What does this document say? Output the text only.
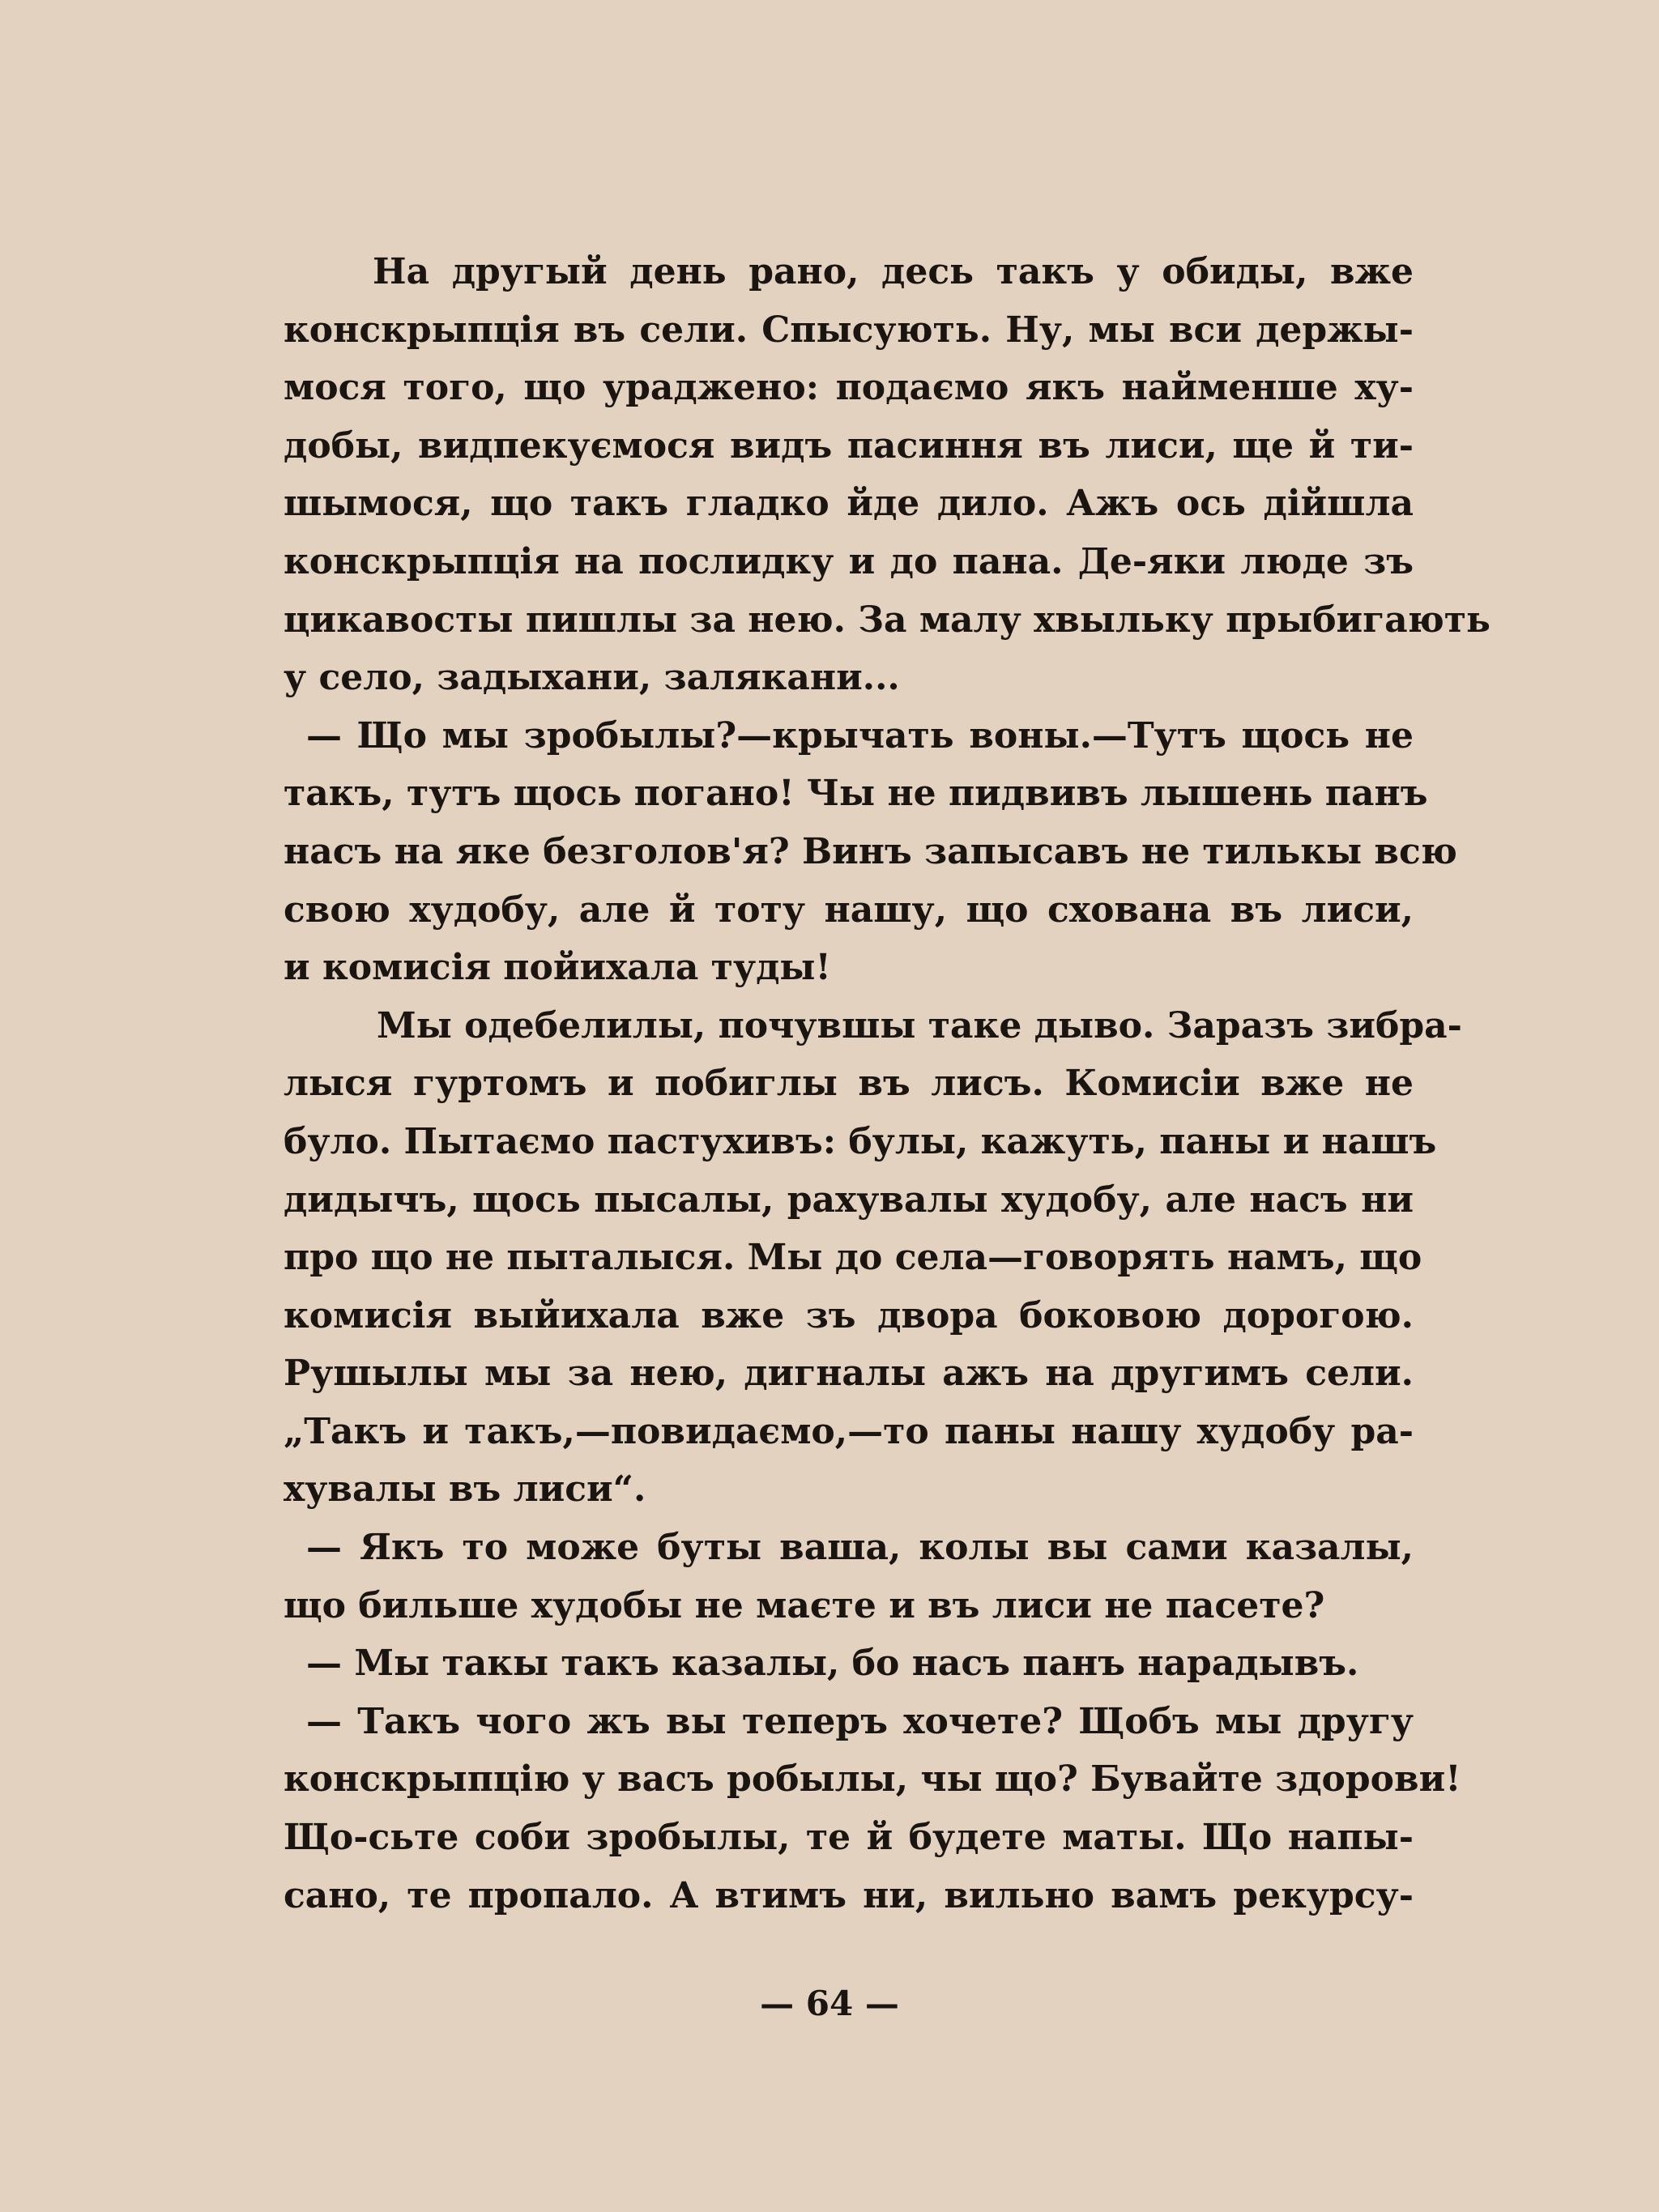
На другый день рано, десь такъ у обиды, вже
конскрыпція въ сели. Спысують. Ну, мы вси держы-
мося того, що ураджено: подаємо якъ найменше ху-
добы, видпекуємося видъ пасиння въ лиси, ще й ти-
шымося, що такъ гладко йде дило. Ажъ ось дійшла
конскрыпція на послидку и до пана. Де-яки люде зъ
цикавосты пишлы за нею. За малу хвыльку прыбигають
у село, задыхани, залякани...
— Що мы зробылы?—крычать воны.—Тутъ щось не
такъ, тутъ щось погано! Чы не пидвивъ лышень панъ
насъ на яке безголов'я? Винъ запысавъ не тилькы всю
свою худобу, але й тоту нашу, що схована въ лиси,
и комисія пойихала туды!
Мы одебелилы, почувшы таке дыво. Заразъ зибра-
лыся гуртомъ и побиглы въ лисъ. Комисіи вже не
було. Пытаємо пастухивъ: булы, кажуть, паны и нашъ
дидычъ, щось пысалы, рахувалы худобу, але насъ ни
про що не пыталыся. Мы до села—говорять намъ, що
комисія выйихала вже зъ двора боковою дорогою.
Рушылы мы за нею, дигналы ажъ на другимъ сели.
„Такъ и такъ,—повидаємо,—то паны нашу худобу ра-
хувалы въ лиси“.
— Якъ то може буты ваша, колы вы сами казалы,
що бильше худобы не маєте и въ лиси не пасете?
— Мы такы такъ казалы, бо насъ панъ нарадывъ.
— Такъ чого жъ вы теперъ хочете? Щобъ мы другу
конскрыпцію у васъ робылы, чы що? Бувайте здорови!
Що-сьте соби зробылы, те й будете маты. Що напы-
сано, те пропало. А втимъ ни, вильно вамъ рекурсу-
— 64 —
